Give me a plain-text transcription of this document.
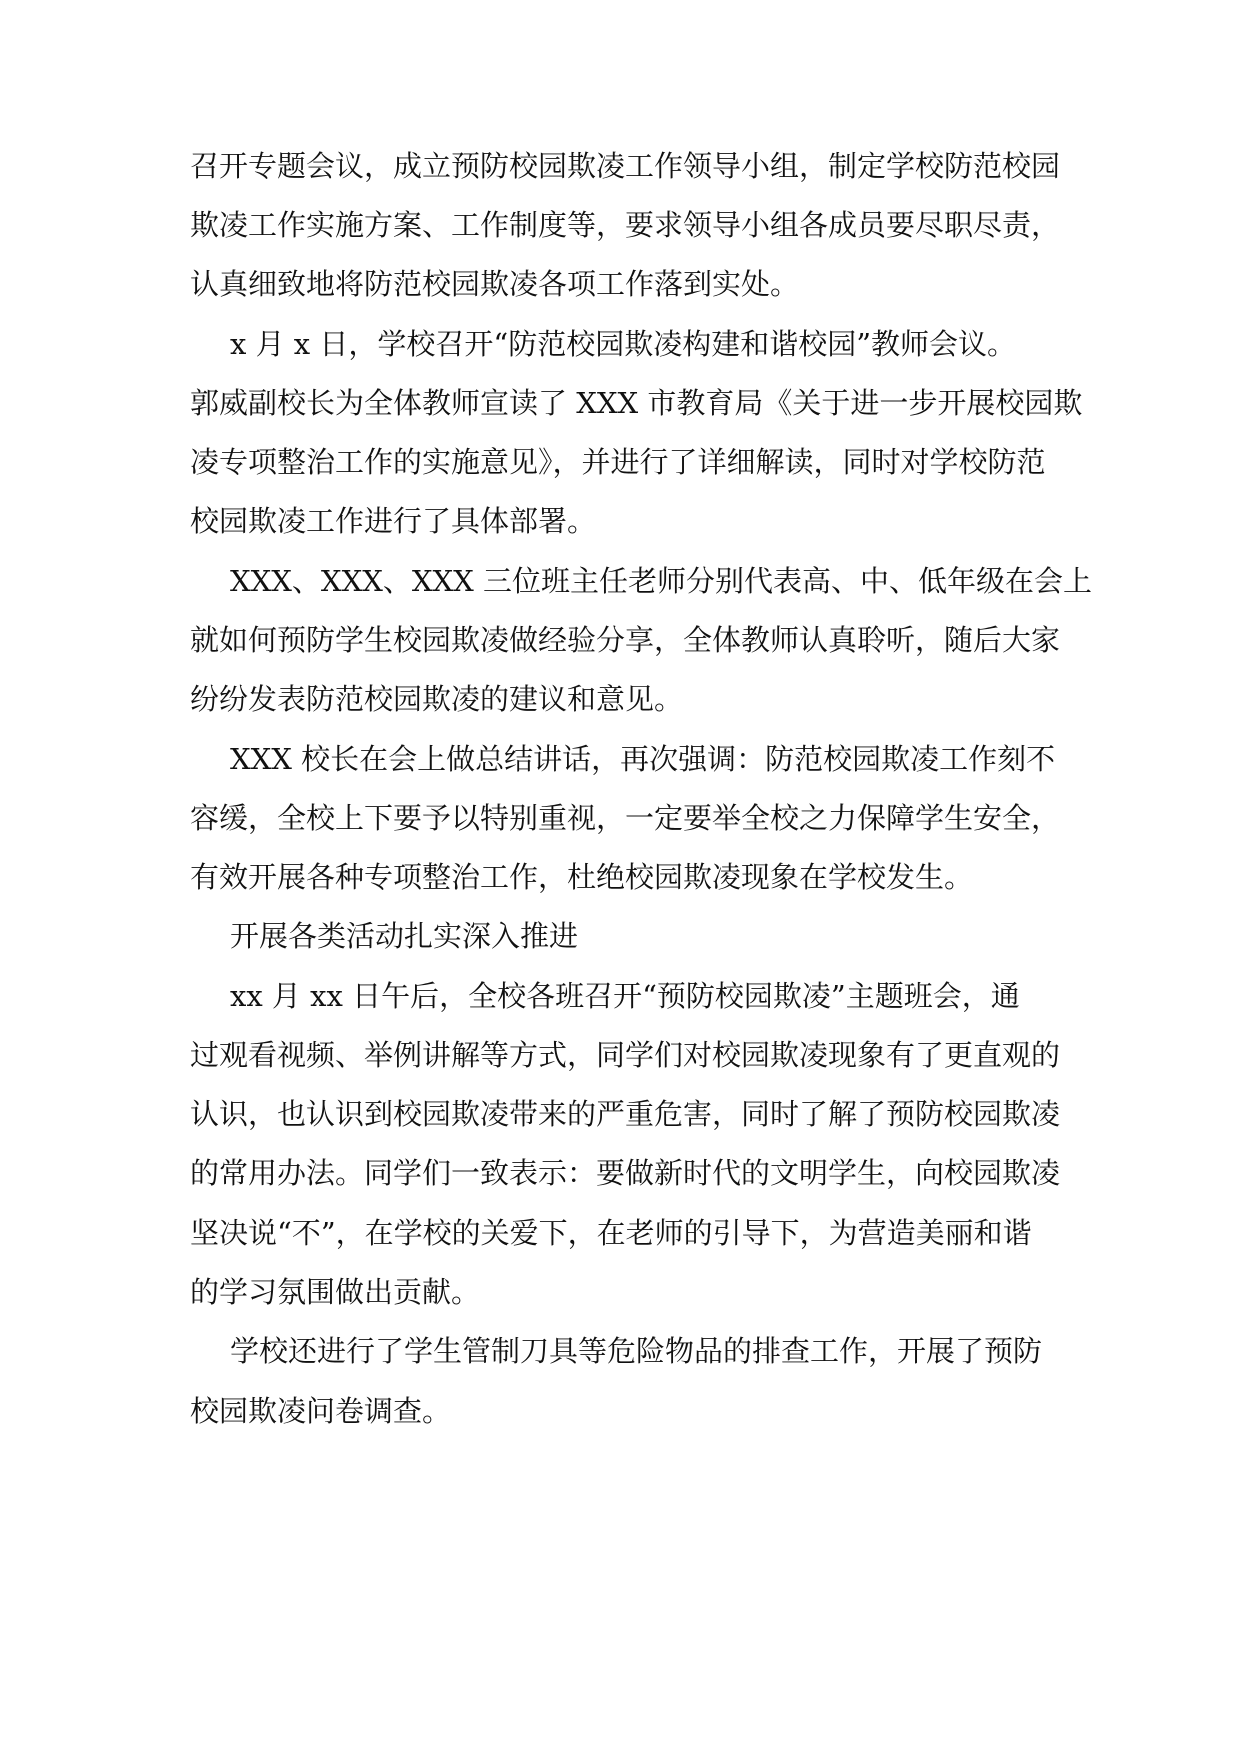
召开专题会议，成立预防校园欺凌工作领导小组，制定学校防范校园
欺凌工作实施方案、工作制度等，要求领导小组各成员要尽职尽责，
认真细致地将防范校园欺凌各项工作落到实处。
x 月 x 日，学校召开“防范校园欺凌构建和谐校园”教师会议。
郭威副校长为全体教师宣读了 XXX 市教育局《关于进一步开展校园欺
凌专项整治工作的实施意见》，并进行了详细解读，同时对学校防范
校园欺凌工作进行了具体部署。
XXX、XXX、XXX 三位班主任老师分别代表高、中、低年级在会上
就如何预防学生校园欺凌做经验分享，全体教师认真聆听，随后大家
纷纷发表防范校园欺凌的建议和意见。
XXX 校长在会上做总结讲话，再次强调：防范校园欺凌工作刻不
容缓，全校上下要予以特别重视，一定要举全校之力保障学生安全，
有效开展各种专项整治工作，杜绝校园欺凌现象在学校发生。
开展各类活动扎实深入推进
xx 月 xx 日午后，全校各班召开“预防校园欺凌”主题班会，通
过观看视频、举例讲解等方式，同学们对校园欺凌现象有了更直观的
认识，也认识到校园欺凌带来的严重危害，同时了解了预防校园欺凌
的常用办法。同学们一致表示：要做新时代的文明学生，向校园欺凌
坚决说“不”，在学校的关爱下，在老师的引导下，为营造美丽和谐
的学习氛围做出贡献。
学校还进行了学生管制刀具等危险物品的排查工作，开展了预防
校园欺凌问卷调查。
